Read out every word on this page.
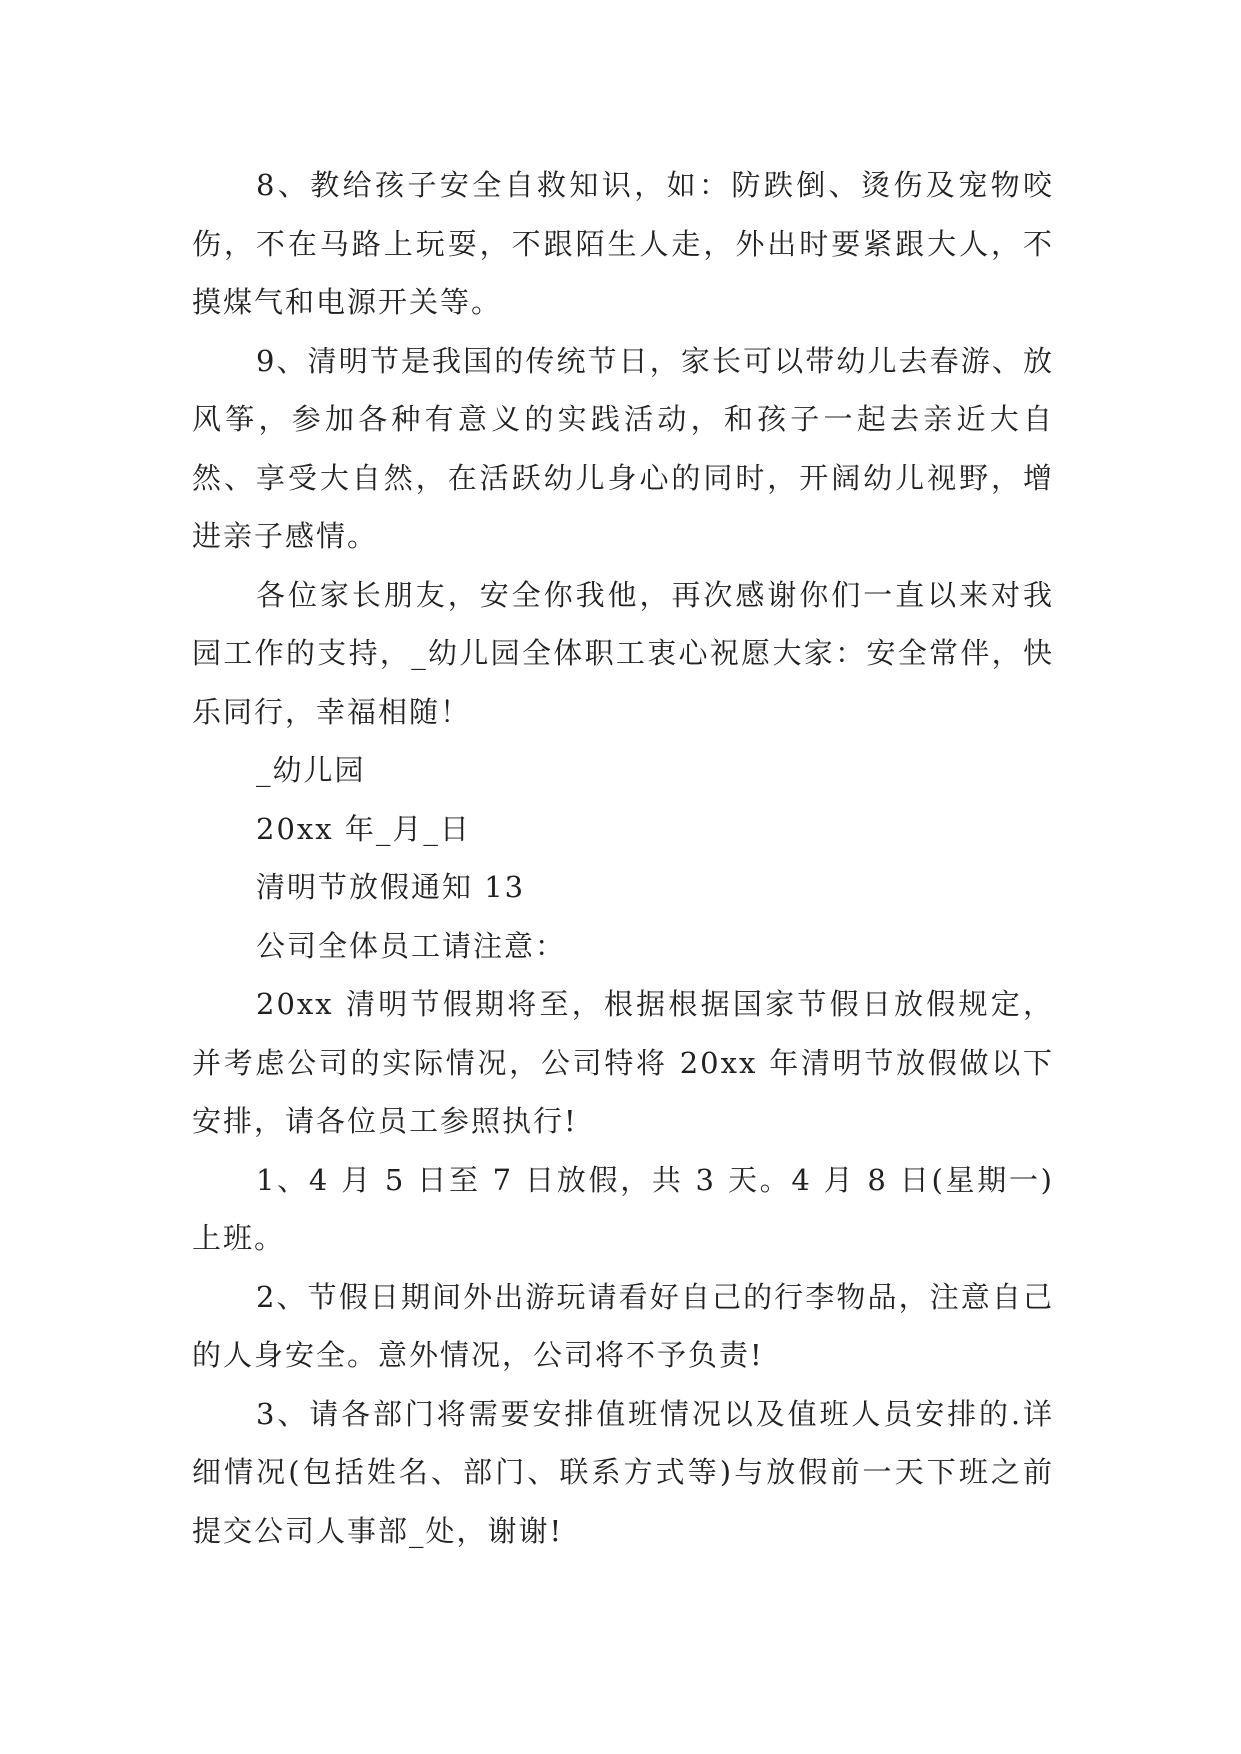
8、教给孩子安全自救知识，如：防跌倒、烫伤及宠物咬伤，不在马路上玩耍，不跟陌生人走，外出时要紧跟大人，不摸煤气和电源开关等。

9、清明节是我国的传统节日，家长可以带幼儿去春游、放风筝，参加各种有意义的实践活动，和孩子一起去亲近大自然、享受大自然，在活跃幼儿身心的同时，开阔幼儿视野，增进亲子感情。

各位家长朋友，安全你我他，再次感谢你们一直以来对我园工作的支持，_幼儿园全体职工衷心祝愿大家：安全常伴，快乐同行，幸福相随！

_幼儿园

20xx 年_月_日

清明节放假通知 13

公司全体员工请注意：

20xx 清明节假期将至，根据根据国家节假日放假规定，并考虑公司的实际情况，公司特将 20xx 年清明节放假做以下安排，请各位员工参照执行!

1、4 月 5 日至 7 日放假，共 3 天。4 月 8 日(星期一)上班。

2、节假日期间外出游玩请看好自己的行李物品，注意自己的人身安全。意外情况，公司将不予负责!

3、请各部门将需要安排值班情况以及值班人员安排的.详细情况(包括姓名、部门、联系方式等)与放假前一天下班之前提交公司人事部_处，谢谢!
